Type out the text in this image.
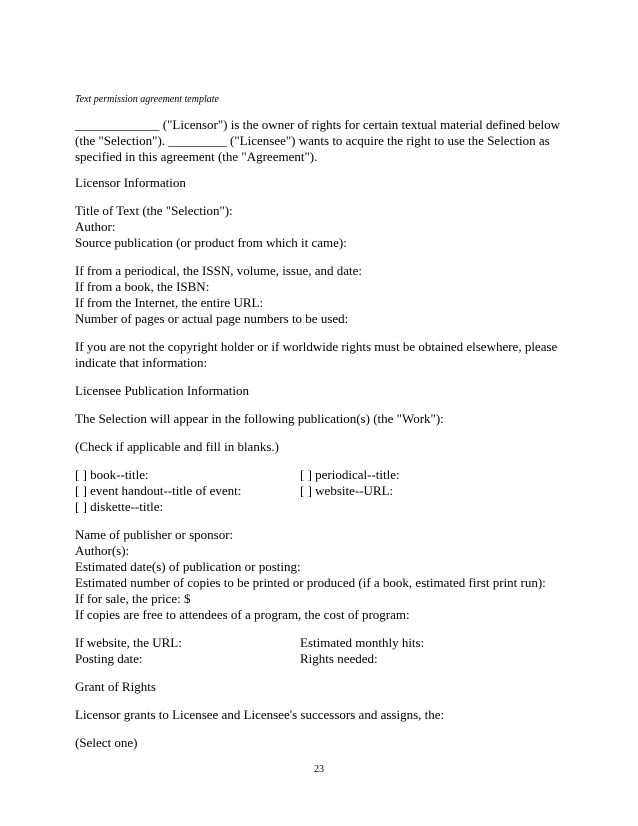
Text permission agreement template
_____________ ("Licensor") is the owner of rights for certain textual material defined below
(the "Selection"). _________ ("Licensee") wants to acquire the right to use the Selection as
specified in this agreement (the "Agreement").
Licensor Information
Title of Text (the "Selection"):
Author:
Source publication (or product from which it came):
If from a periodical, the ISSN, volume, issue, and date:
If from a book, the ISBN:
If from the Internet, the entire URL:
Number of pages or actual page numbers to be used:
If you are not the copyright holder or if worldwide rights must be obtained elsewhere, please
indicate that information:
Licensee Publication Information
The Selection will appear in the following publication(s) (the "Work"):
(Check if applicable and fill in blanks.)
[ ] book--title:	[ ] periodical--title:
[ ] event handout--title of event:	[ ] website--URL:
[ ] diskette--title:
Name of publisher or sponsor:
Author(s):
Estimated date(s) of publication or posting:
Estimated number of copies to be printed or produced (if a book, estimated first print run):
If for sale, the price: $
If copies are free to attendees of a program, the cost of program:
If website, the URL:	Estimated monthly hits:
Posting date:	Rights needed:
Grant of Rights
Licensor grants to Licensee and Licensee's successors and assigns, the:
(Select one)
23
